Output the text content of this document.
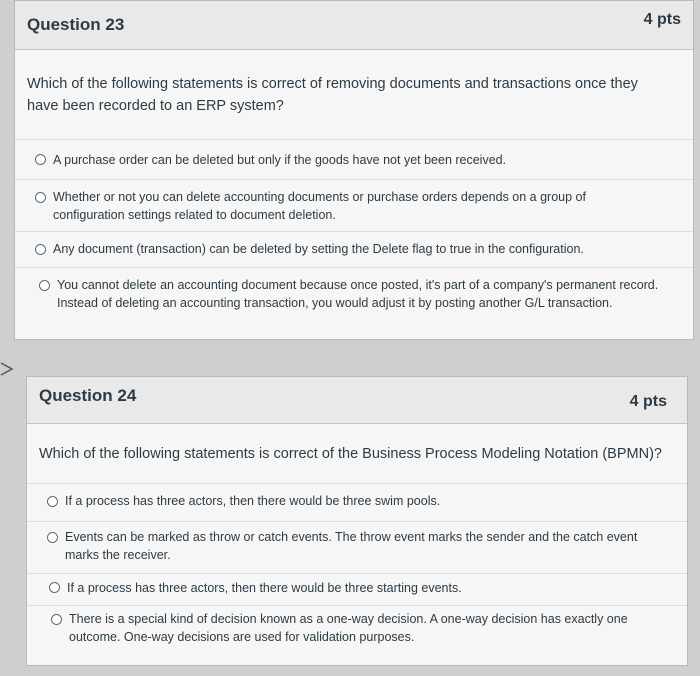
Question 23	4 pts
Which of the following statements is correct of removing documents and transactions once they have been recorded to an ERP system?
A purchase order can be deleted but only if the goods have not yet been received.
Whether or not you can delete accounting documents or purchase orders depends on a group of configuration settings related to document deletion.
Any document (transaction) can be deleted by setting the Delete flag to true in the configuration.
You cannot delete an accounting document because once posted, it's part of a company's permanent record. Instead of deleting an accounting transaction, you would adjust it by posting another G/L transaction.
Question 24	4 pts
Which of the following statements is correct of the Business Process Modeling Notation (BPMN)?
If a process has three actors, then there would be three swim pools.
Events can be marked as throw or catch events. The throw event marks the sender and the catch event marks the receiver.
If a process has three actors, then there would be three starting events.
There is a special kind of decision known as a one-way decision. A one-way decision has exactly one outcome. One-way decisions are used for validation purposes.
